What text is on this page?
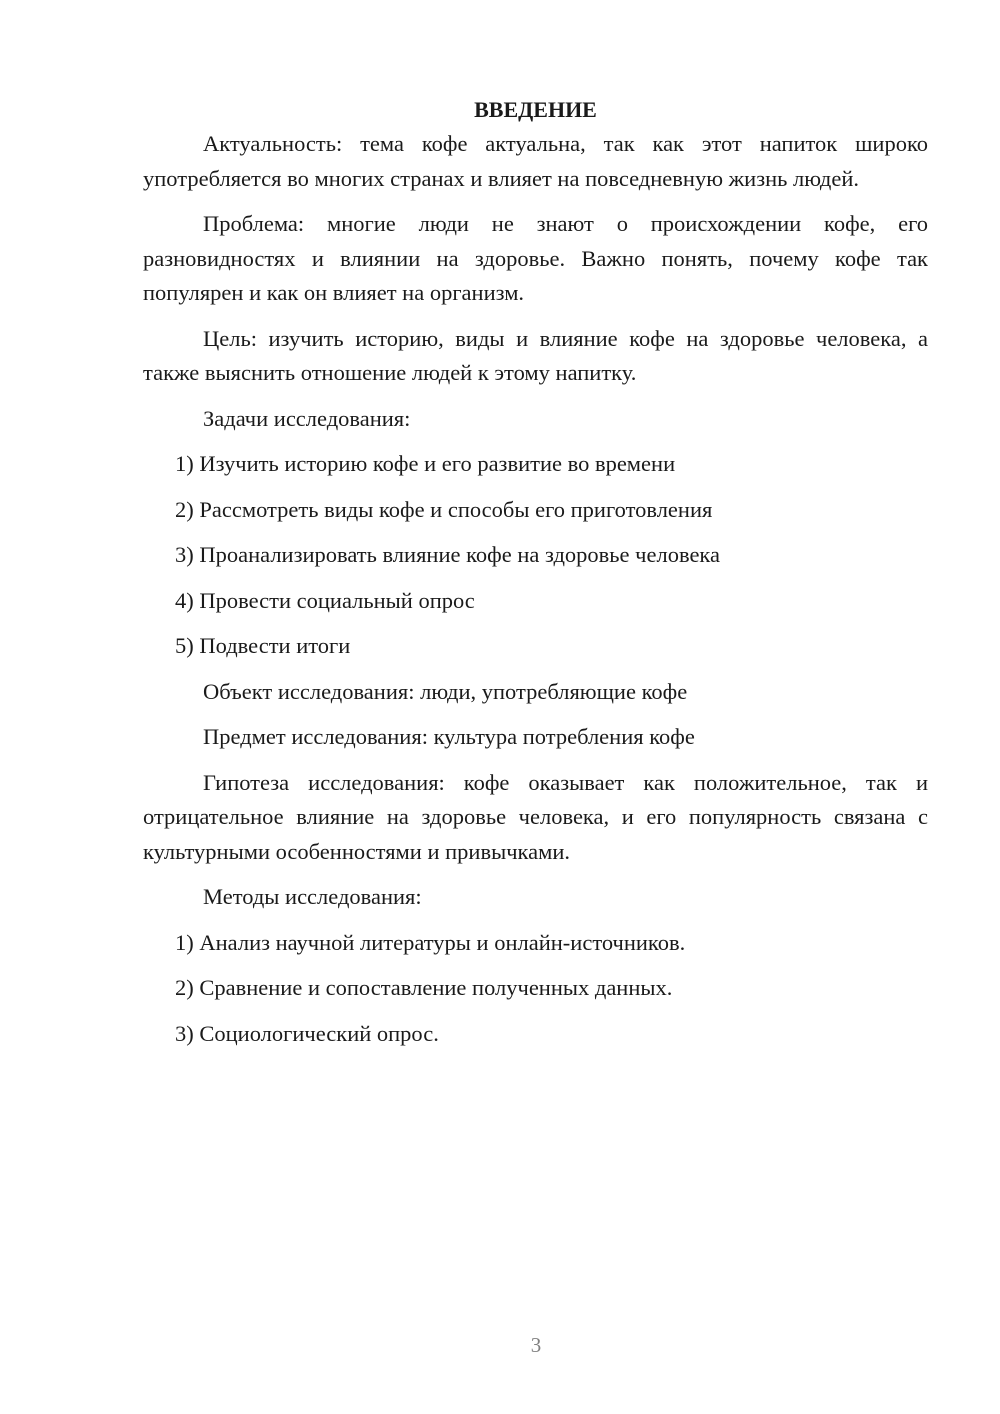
ВВЕДЕНИЕ

Актуальность: тема кофе актуальна, так как этот напиток широко употребляется во многих странах и влияет на повседневную жизнь людей.

Проблема: многие люди не знают о происхождении кофе, его разновидностях и влиянии на здоровье. Важно понять, почему кофе так популярен и как он влияет на организм.

Цель: изучить историю, виды и влияние кофе на здоровье человека, а также выяснить отношение людей к этому напитку.

Задачи исследования:

1) Изучить историю кофе и его развитие во времени
2) Рассмотреть виды кофе и способы его приготовления
3) Проанализировать влияние кофе на здоровье человека
4) Провести социальный опрос
5) Подвести итоги

Объект исследования: люди, употребляющие кофе

Предмет исследования: культура потребления кофе

Гипотеза исследования: кофе оказывает как положительное, так и отрицательное влияние на здоровье человека, и его популярность связана с культурными особенностями и привычками.

Методы исследования:

1) Анализ научной литературы и онлайн-источников.
2) Сравнение и сопоставление полученных данных.
3) Социологический опрос.
3
